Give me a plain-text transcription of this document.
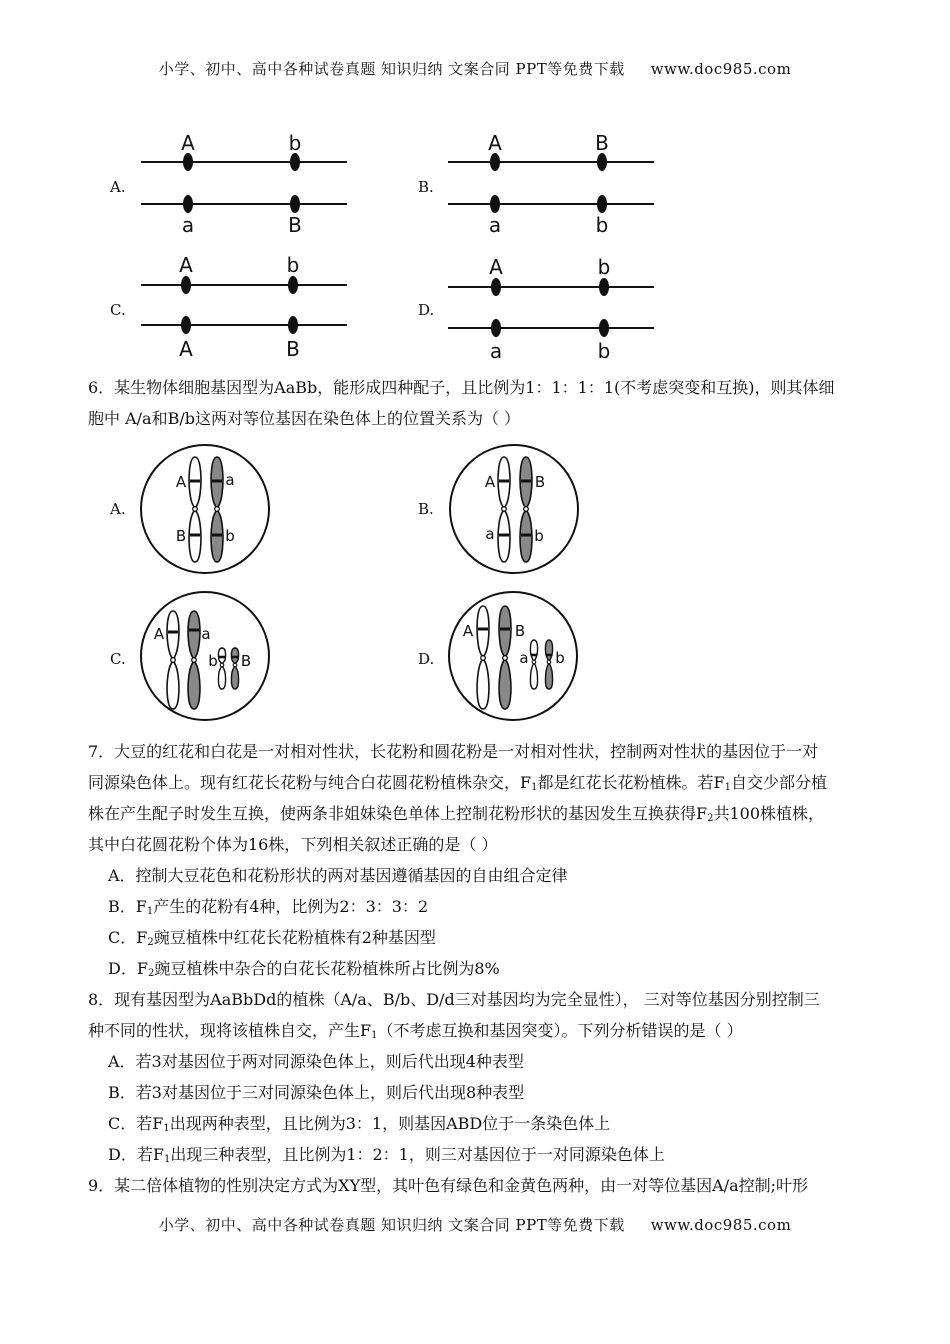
小学、初中、高中各种试卷真题 知识归纳 文案合同 PPT等免费下载 www.doc985.com
A.
A	b
a	B
B.
A	B
a	b
C.
A	b
A	B
D.
A	b
a	b
6．某生物体细胞基因型为AaBb，能形成四种配子，且比例为1：1：1：1(不考虑突变和互换)，则其体细
胞中 A/a和B/b这两对等位基因在染色体上的位置关系为（ ）
A.
A	a
B	b
B.
A	B
a	b
C.
A a
b B	D.
A	B
a b
7．大豆的红花和白花是一对相对性状，长花粉和圆花粉是一对相对性状，控制两对性状的基因位于一对
同源染色体上。现有红花长花粉与纯合白花圆花粉植株杂交，$F_1$都是红花长花粉植株。若$F_1$自交少部分植
株在产生配子时发生互换，使两条非姐妹染色单体上控制花粉形状的基因发生互换获得$F_2$共100株植株，
其中白花圆花粉个体为16株，下列相关叙述正确的是（ ）
A．控制大豆花色和花粉形状的两对基因遵循基因的自由组合定律
B．$F_1$产生的花粉有4种，比例为2：3：3：2
C．$F_2$豌豆植株中红花长花粉植株有2种基因型
D．$F_2$豌豆植株中杂合的白花长花粉植株所占比例为8%
8．现有基因型为AaBbDd的植株（A/a、B/b、D/d三对基因均为完全显性）， 三对等位基因分别控制三
种不同的性状，现将该植株自交，产生$F_1$（不考虑互换和基因突变）。下列分析错误的是（ ）
A．若3对基因位于两对同源染色体上，则后代出现4种表型
B．若3对基因位于三对同源染色体上，则后代出现8种表型
C．若$F_1$出现两种表型，且比例为3：1，则基因ABD位于一条染色体上
D．若$F_1$出现三种表型，且比例为1：2：1，则三对基因位于一对同源染色体上
9．某二倍体植物的性别决定方式为XY型，其叶色有绿色和金黄色两种，由一对等位基因A/a控制;叶形
小学、初中、高中各种试卷真题 知识归纳 文案合同 PPT等免费下载 www.doc985.com
